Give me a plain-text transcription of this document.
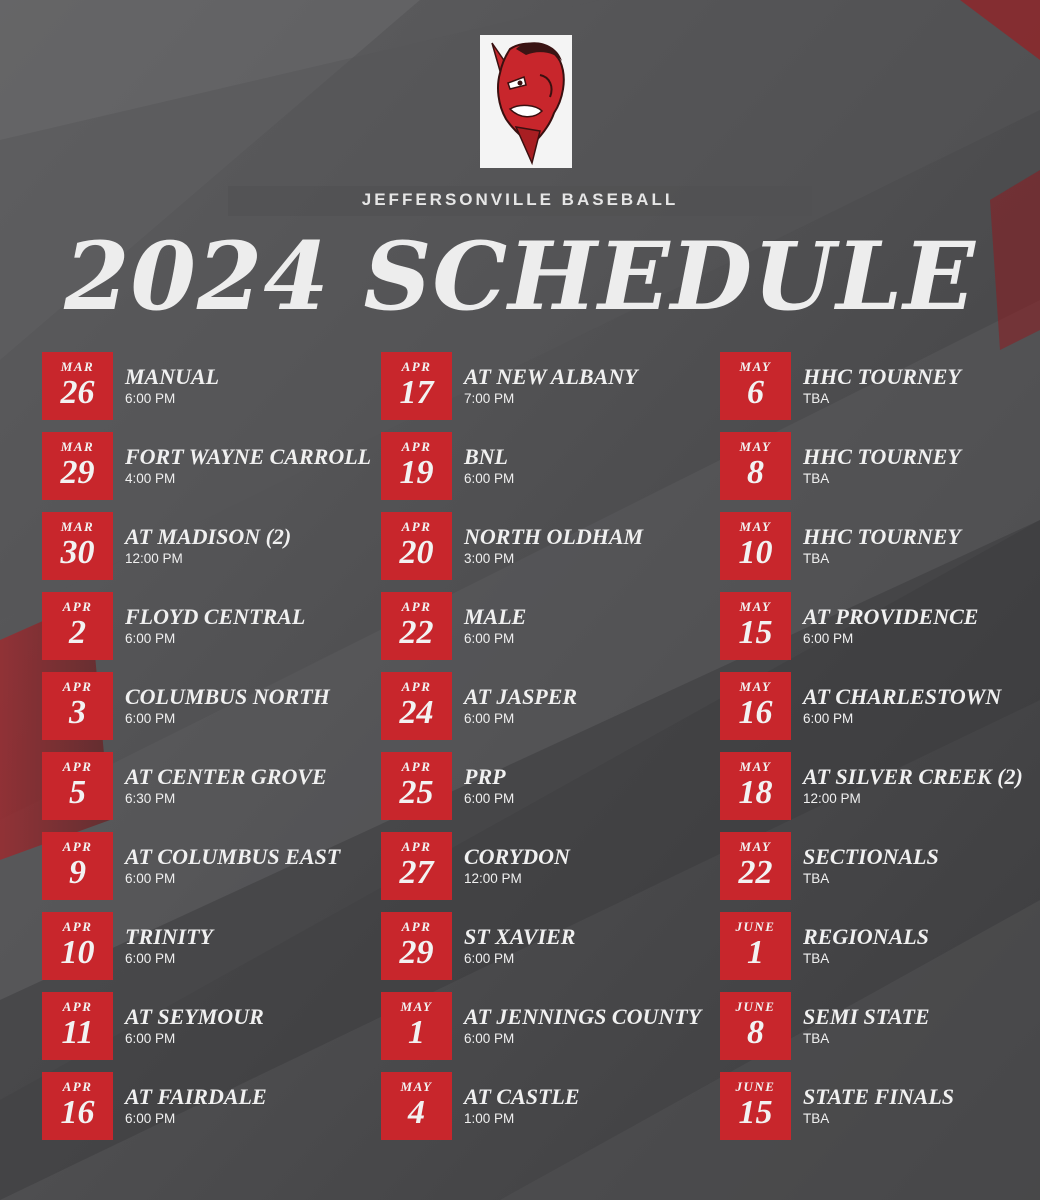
JEFFERSONVILLE BASEBALL
2024 SCHEDULE
MAR
26	MANUAL
6:00 PM
MAR
29	FORT WAYNE CARROLL
4:00 PM
MAR
30	AT MADISON (2)
12:00 PM
APR
2	FLOYD CENTRAL
6:00 PM
APR
3	COLUMBUS NORTH
6:00 PM
APR
5	AT CENTER GROVE
6:30 PM
APR
9	AT COLUMBUS EAST
6:00 PM
APR
10	TRINITY
6:00 PM
APR
11	AT SEYMOUR
6:00 PM
APR
16	AT FAIRDALE
6:00 PM
APR
17	AT NEW ALBANY
7:00 PM
APR
19	BNL
6:00 PM
APR
20	NORTH OLDHAM
3:00 PM
APR
22	MALE
6:00 PM
APR
24	AT JASPER
6:00 PM
APR
25	PRP
6:00 PM
APR
27	CORYDON
12:00 PM
APR
29	ST XAVIER
6:00 PM
MAY
1	AT JENNINGS COUNTY
6:00 PM
MAY
4	AT CASTLE
1:00 PM
MAY
6	HHC TOURNEY
TBA
MAY
8	HHC TOURNEY
TBA
MAY
10	HHC TOURNEY
TBA
MAY
15	AT PROVIDENCE
6:00 PM
MAY
16	AT CHARLESTOWN
6:00 PM
MAY
18	AT SILVER CREEK (2)
12:00 PM
MAY
22	SECTIONALS
TBA
JUNE
1	REGIONALS
TBA
JUNE
8	SEMI STATE
TBA
JUNE
15	STATE FINALS
TBA
